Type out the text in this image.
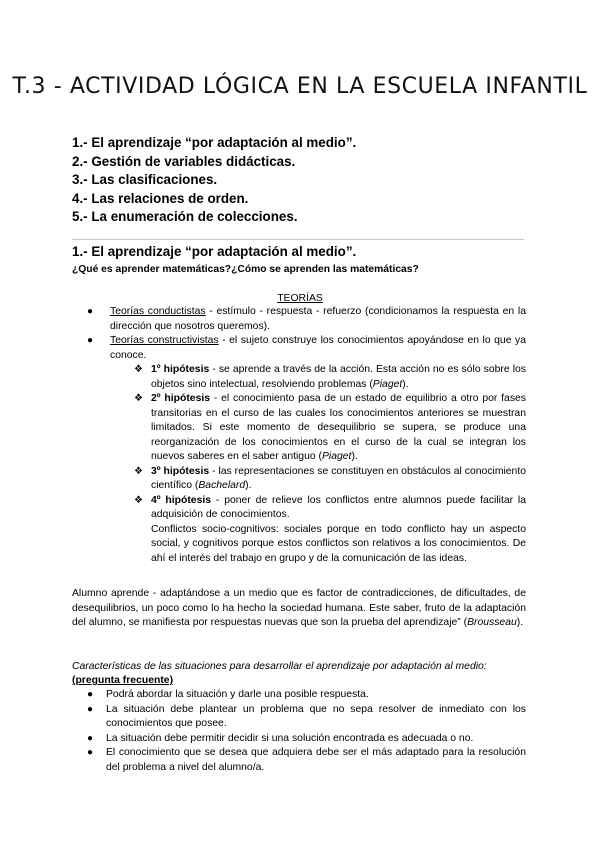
T.3 - ACTIVIDAD LÓGICA EN LA ESCUELA INFANTIL
1.- El aprendizaje “por adaptación al medio”.
2.- Gestión de variables didácticas.
3.- Las clasificaciones.
4.- Las relaciones de orden.
5.- La enumeración de colecciones.
1.- El aprendizaje “por adaptación al medio”.
¿Qué es aprender matemáticas?¿Cómo se aprenden las matemáticas?
TEORÍAS
● Teorías conductistas - estímulo - respuesta - refuerzo (condicionamos la respuesta en la dirección que nosotros queremos).
● Teorías constructivistas - el sujeto construye los conocimientos apoyándose en lo que ya conoce.
❖ 1º hipótesis - se aprende a través de la acción. Esta acción no es sólo sobre los objetos sino intelectual, resolviendo problemas (Piaget).
❖ 2º hipótesis - el conocimiento pasa de un estado de equilibrio a otro por fases transitorias en el curso de las cuales los conocimientos anteriores se muestran limitados. Si este momento de desequilibrio se supera, se produce una reorganización de los conocimientos en el curso de la cual se integran los nuevos saberes en el saber antiguo (Piaget).
❖ 3º hipótesis - las representaciones se constituyen en obstáculos al conocimiento científico (Bachelard).
❖ 4º hipótesis - poner de relieve los conflictos entre alumnos puede facilitar la adquisición de conocimientos.
Conflictos socio-cognitivos: sociales porque en todo conflicto hay un aspecto social, y cognitivos porque estos conflictos son relativos a los conocimientos. De ahí el interés del trabajo en grupo y de la comunicación de las ideas.
Alumno aprende - adaptándose a un medio que es factor de contradicciones, de dificultades, de desequilibrios, un poco como lo ha hecho la sociedad humana. Este saber, fruto de la adaptación del alumno, se manifiesta por respuestas nuevas que son la prueba del aprendizaje” (Brousseau).
Características de las situaciones para desarrollar el aprendizaje por adaptación al medio:
(pregunta frecuente)
● Podrá abordar la situación y darle una posible respuesta.
● La situación debe plantear un problema que no sepa resolver de inmediato con los conocimientos que posee.
● La situación debe permitir decidir si una solución encontrada es adecuada o no.
● El conocimiento que se desea que adquiera debe ser el más adaptado para la resolución del problema a nivel del alumno/a.
